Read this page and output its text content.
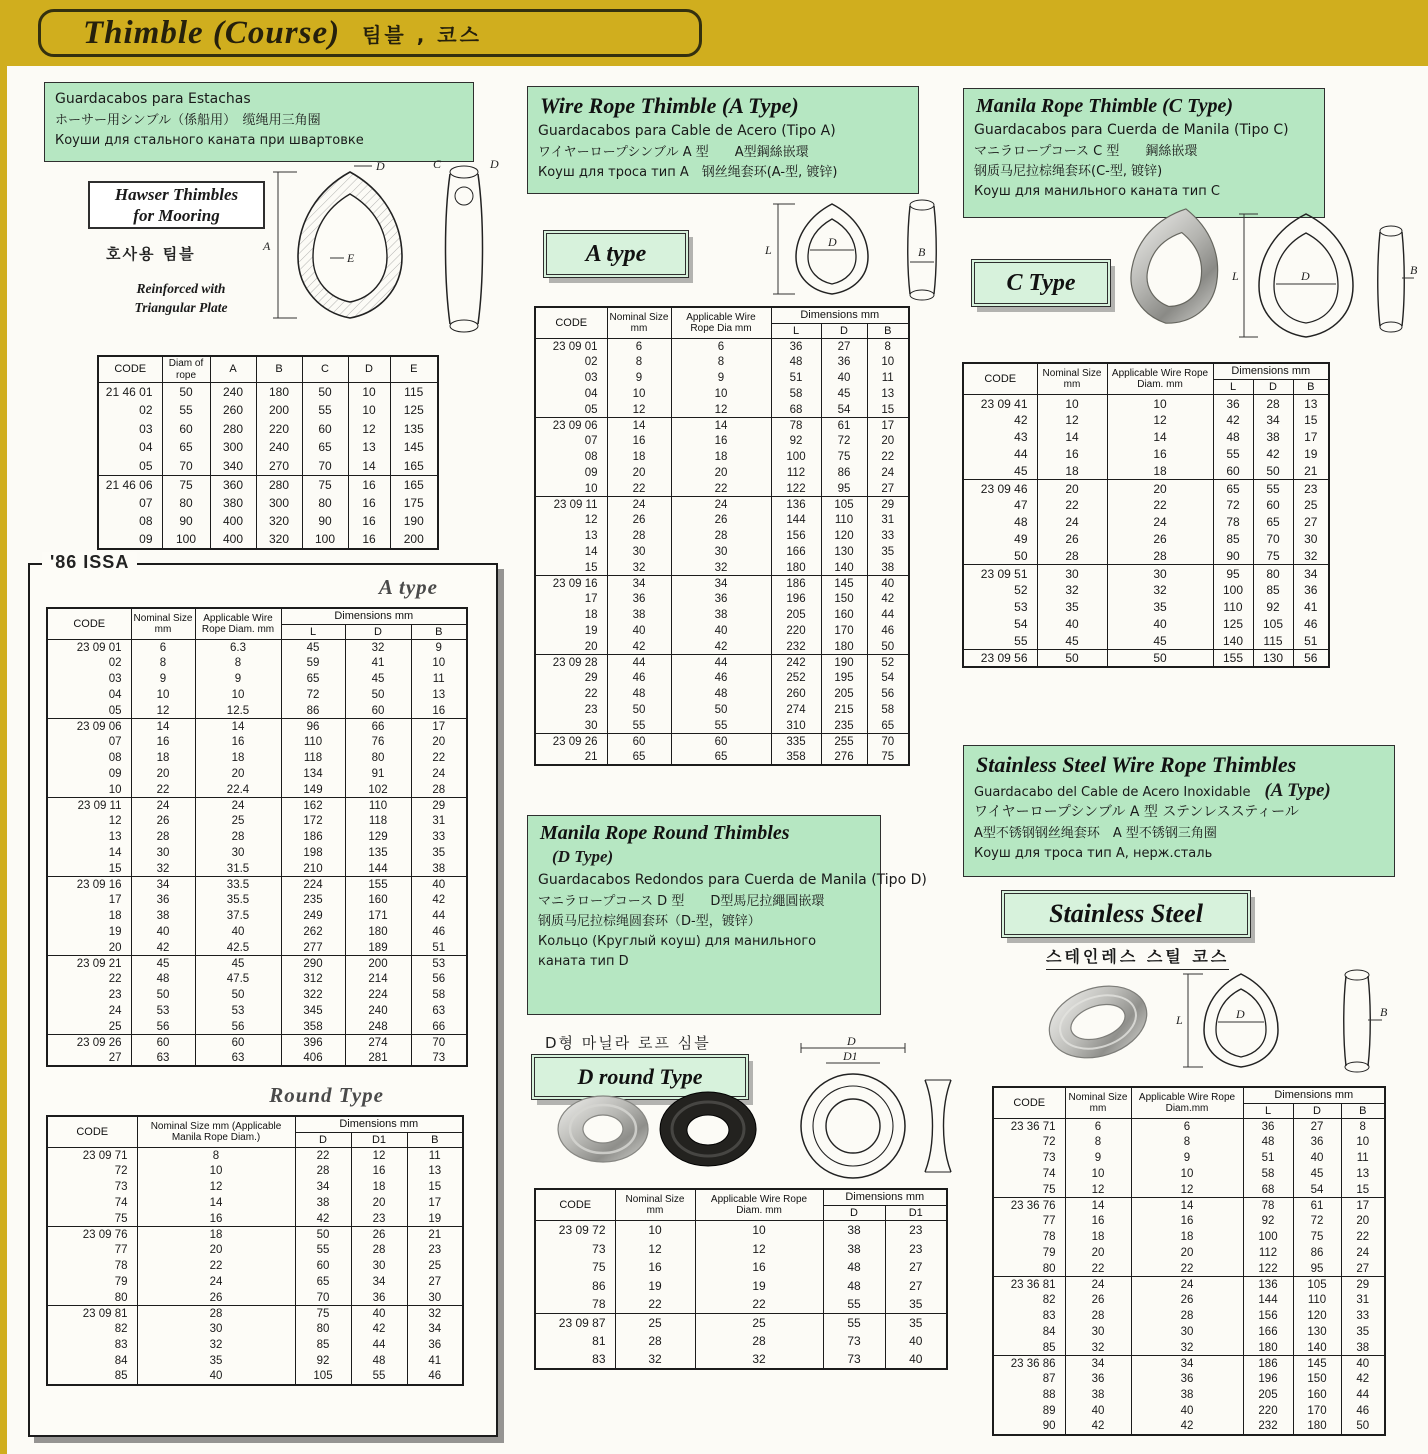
Thimble (Course) 팀블 , 코스
Guardacabos para Estachas
ホーサー用シンブル（係船用）　缆绳用三角圈
Коуши для стального каната при швартовке
Hawser Thimbles
for Mooring
호사용 팀블
Reinforced with
Triangular Plate
A
E
D	C	D
CODE	Diam of rope	A	B	C	D	E
21 46 01	50	240	180	50	10	115
02	55	260	200	55	10	125
03	60	280	220	60	12	135
04	65	300	240	65	13	145
05	70	340	270	70	14	165
21 46 06	75	360	280	75	16	165
07	80	380	300	80	16	175
08	90	400	320	90	16	190
09	100	400	320	100	16	200
'86 ISSA
A type
CODE	Nominal Size mm	Applicable Wire Rope Diam. mm	Dimensions mm		
			L	D	B
23 09 01	6	6.3	45	32	9
02	8	8	59	41	10
03	9	9	65	45	11
04	10	10	72	50	13
05	12	12.5	86	60	16
23 09 06	14	14	96	66	17
07	16	16	110	76	20
08	18	18	118	80	22
09	20	20	134	91	24
10	22	22.4	149	102	28
23 09 11	24	24	162	110	29
12	26	25	172	118	31
13	28	28	186	129	33
14	30	30	198	135	35
15	32	31.5	210	144	38
23 09 16	34	33.5	224	155	40
17	36	35.5	235	160	42
18	38	37.5	249	171	44
19	40	40	262	180	46
20	42	42.5	277	189	51
23 09 21	45	45	290	200	53
22	48	47.5	312	214	56
23	50	50	322	224	58
24	53	53	345	240	63
25	56	56	358	248	66
23 09 26	60	60	396	274	70
27	63	63	406	281	73
Round Type
CODE	Nominal Size mm (Applicable Manila Rope Diam.)	Dimensions mm		
		D	D1	B
23 09 71	8	22	12	11
72	10	28	16	13
73	12	34	18	15
74	14	38	20	17
75	16	42	23	19
23 09 76	18	50	26	21
77	20	55	28	23
78	22	60	30	25
79	24	65	34	27
80	26	70	36	30
23 09 81	28	75	40	32
82	30	80	42	34
83	32	85	44	36
84	35	92	48	41
85	40	105	55	46
Wire Rope Thimble (A Type)
Guardacabos para Cable de Acero (Tipo A)
ワイヤーロープシンブル A 型　　A型鋼絲嵌環
Коуш для троса тип A　钢丝绳套环(A-型, 镀锌)
A type	L
D
B
CODE	Nominal Size mm	Applicable Wire Rope Dia mm	Dimensions mm		
			L	D	B
23 09 01	6	6	36	27	8
02	8	8	48	36	10
03	9	9	51	40	11
04	10	10	58	45	13
05	12	12	68	54	15
23 09 06	14	14	78	61	17
07	16	16	92	72	20
08	18	18	100	75	22
09	20	20	112	86	24
10	22	22	122	95	27
23 09 11	24	24	136	105	29
12	26	26	144	110	31
13	28	28	156	120	33
14	30	30	166	130	35
15	32	32	180	140	38
23 09 16	34	34	186	145	40
17	36	36	196	150	42
18	38	38	205	160	44
19	40	40	220	170	46
20	42	42	232	180	50
23 09 28	44	44	242	190	52
29	46	46	252	195	54
22	48	48	260	205	56
23	50	50	274	215	58
30	55	55	310	235	65
23 09 26	60	60	335	255	70
21	65	65	358	276	75
Manila Rope Round Thimbles
(D Type)
Guardacabos Redondos para Cuerda de Manila (Tipo D)
マニラロープコース D 型　　D型馬尼拉繩圓嵌環
钢质马尼拉棕绳圆套环（D-型，镀锌）
Кольцо (Круглый коуш) для манильного
каната тип D
D형 마닐라 로프 심블
D round Type
D
D1
CODE	Nominal Size mm	Applicable Wire Rope Diam. mm	Dimensions mm	
			D	D1
23 09 72	10	10	38	23
73	12	12	38	23
75	16	16	48	27
86	19	19	48	27
78	22	22	55	35
23 09 87	25	25	55	35
81	28	28	73	40
83	32	32	73	40
Manila Rope Thimble (C Type)
Guardacabos para Cuerda de Manila (Tipo C)
マニラロープコース C 型　　鋼絲嵌環
钢质马尼拉棕绳套环(C-型, 镀锌)
Коуш для манильного каната тип C
C Type	L	D	B
CODE	Nominal Size mm	Applicable Wire Rope Diam. mm	Dimensions mm		
			L	D	B
23 09 41	10	10	36	28	13
42	12	12	42	34	15
43	14	14	48	38	17
44	16	16	55	42	19
45	18	18	60	50	21
23 09 46	20	20	65	55	23
47	22	22	72	60	25
48	24	24	78	65	27
49	26	26	85	70	30
50	28	28	90	75	32
23 09 51	30	30	95	80	34
52	32	32	100	85	36
53	35	35	110	92	41
54	40	40	125	105	46
55	45	45	140	115	51
23 09 56	50	50	155	130	56
Stainless Steel Wire Rope Thimbles
Guardacabo del Cable de Acero Inoxidable (A Type)
ワイヤーロープシンブル A 型 ステンレススティール
A型不锈钢钢丝绳套环　A 型不锈钢三角圈
Коуш для троса тип A, нерж.сталь
Stainless Steel
스테인레스 스틸 코스
L	D	B
CODE	Nominal Size mm	Applicable Wire Rope Diam.mm	Dimensions mm		
			L	D	B
23 36 71	6	6	36	27	8
72	8	8	48	36	10
73	9	9	51	40	11
74	10	10	58	45	13
75	12	12	68	54	15
23 36 76	14	14	78	61	17
77	16	16	92	72	20
78	18	18	100	75	22
79	20	20	112	86	24
80	22	22	122	95	27
23 36 81	24	24	136	105	29
82	26	26	144	110	31
83	28	28	156	120	33
84	30	30	166	130	35
85	32	32	180	140	38
23 36 86	34	34	186	145	40
87	36	36	196	150	42
88	38	38	205	160	44
89	40	40	220	170	46
90	42	42	232	180	50
